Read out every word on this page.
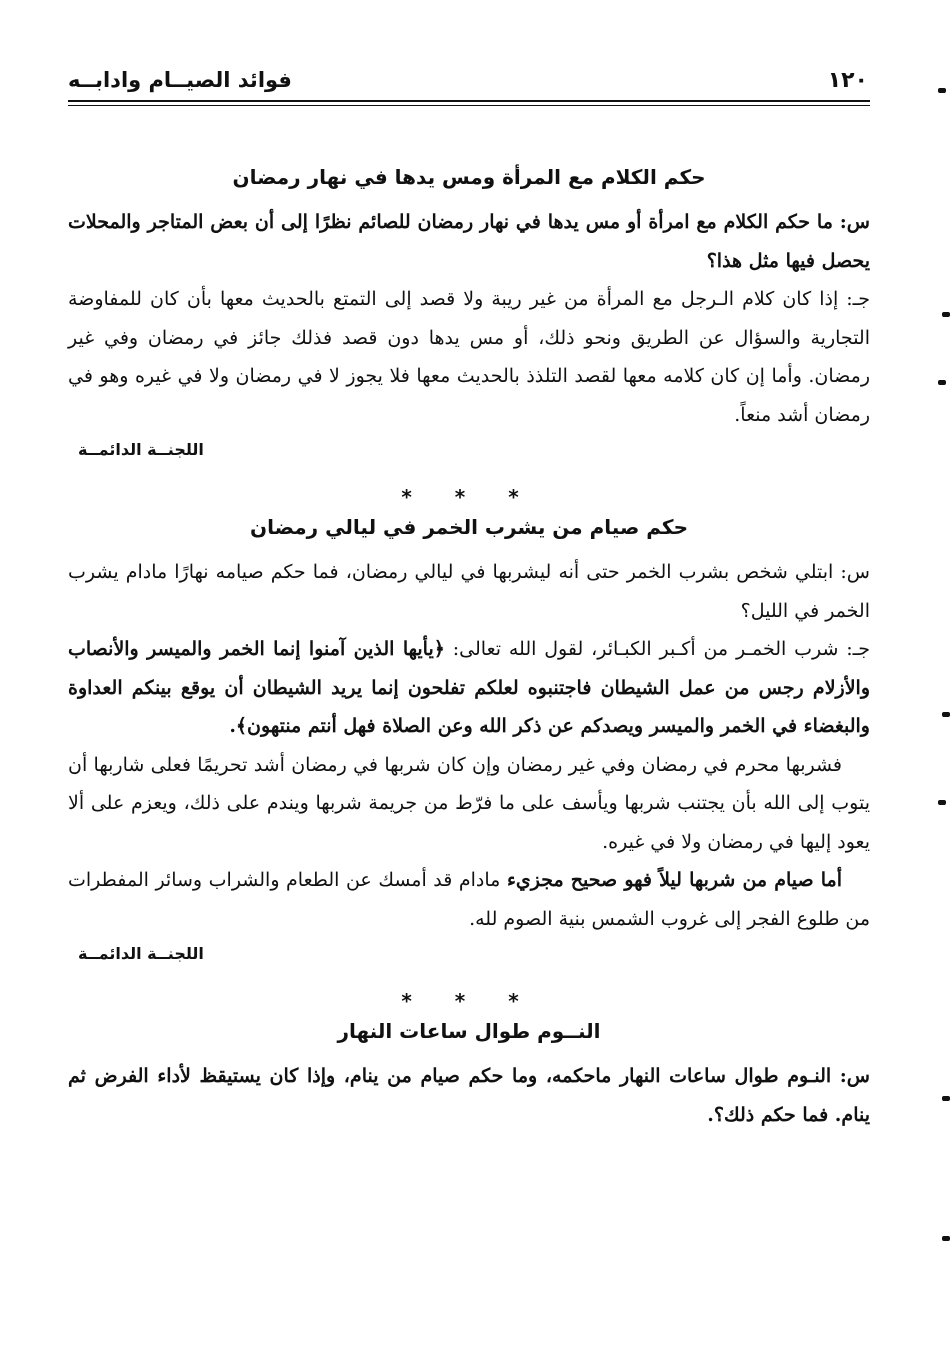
فوائد الصيــام وادابــه	١٢٠
حكم الكلام مع المرأة ومس يدها في نهار رمضان

س: ما حكم الكلام مع امرأة أو مس يدها في نهار رمضان للصائم نظرًا إلى أن بعض المتاجر والمحلات يحصل فيها مثل هذا؟

جـ: إذا كان كلام الـرجل مع المرأة من غير ريبة ولا قصد إلى التمتع بالحديث معها بأن كان للمفاوضة التجارية والسؤال عن الطريق ونحو ذلك، أو مس يدها دون قصد فذلك جائز في رمضان وفي غير رمضان. وأما إن كان كلامه معها لقصد التلذذ بالحديث معها فلا يجوز لا في رمضان ولا في غيره وهو في رمضان أشد منعاً.

اللجنــة الدائمــة

* * *
حكم صيام من يشرب الخمر في ليالي رمضان

س: ابتلي شخص بشرب الخمر حتى أنه ليشربها في ليالي رمضان، فما حكم صيامه نهارًا مادام يشرب الخمر في الليل؟

جـ: شرب الخمـر من أكـبر الكبـائر، لقول الله تعالى: ﴿يأيها الذين آمنوا إنما الخمر والميسر والأنصاب والأزلام رجس من عمل الشيطان فاجتنبوه لعلكم تفلحون إنما يريد الشيطان أن يوقع بينكم العداوة والبغضاء في الخمر والميسر ويصدكم عن ذكر الله وعن الصلاة فهل أنتم منتهون﴾.

فشربها محرم في رمضان وفي غير رمضان وإن كان شربها في رمضان أشد تحريمًا فعلى شاربها أن يتوب إلى الله بأن يجتنب شربها ويأسف على ما فرّط من جريمة شربها ويندم على ذلك، ويعزم على ألا يعود إليها في رمضان ولا في غيره.

أما صيام من شربها ليلاً فهو صحيح مجزيء مادام قد أمسك عن الطعام والشراب وسائر المفطرات من طلوع الفجر إلى غروب الشمس بنية الصوم لله.

اللجنــة الدائمــة

* * *
النــوم طوال ساعات النهار

س: النـوم طوال ساعات النهار ماحكمه، وما حكم صيام من ينام، وإذا كان يستيقظ لأداء الفرض ثم ينام. فما حكم ذلك؟.
